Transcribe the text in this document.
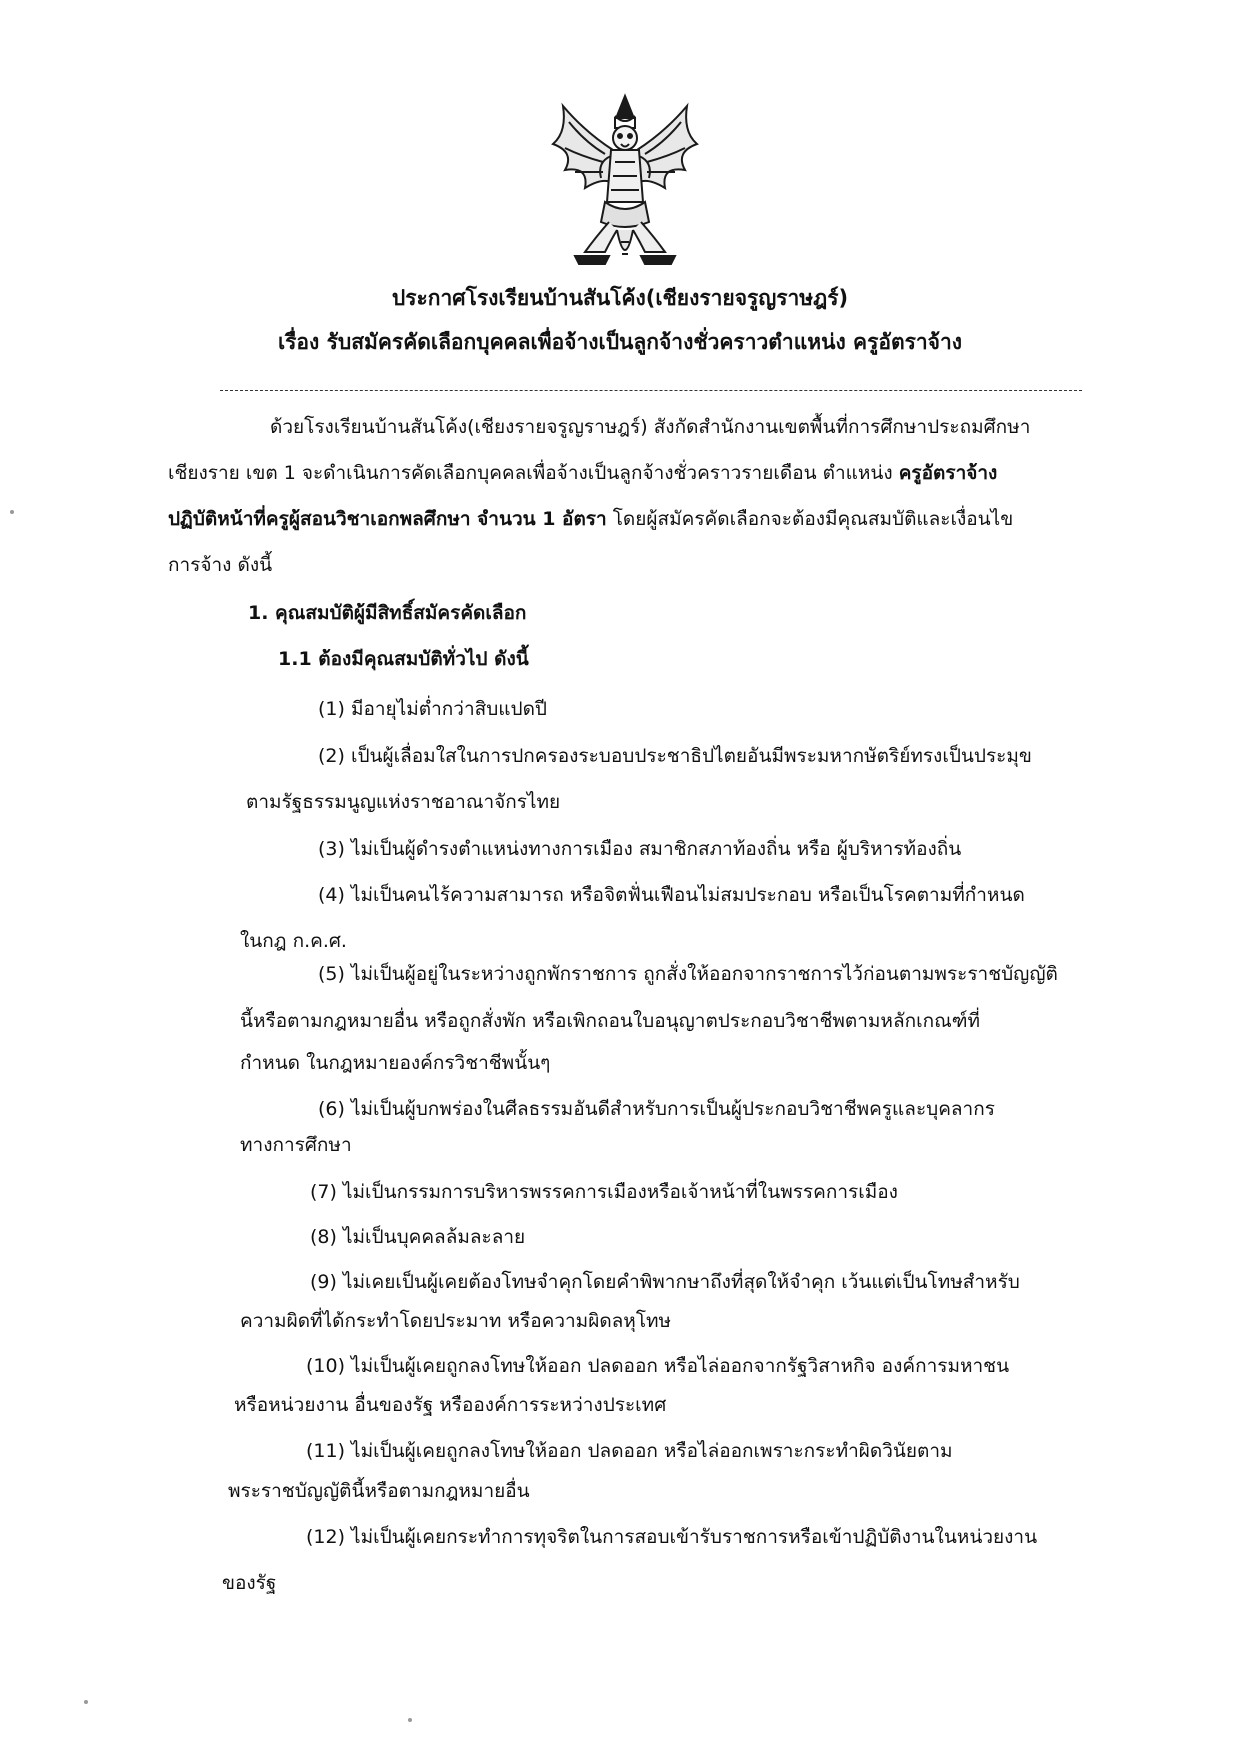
ประกาศโรงเรียนบ้านสันโค้ง(เชียงรายจรูญราษฎร์)
เรื่อง รับสมัครคัดเลือกบุคคลเพื่อจ้างเป็นลูกจ้างชั่วคราวตำแหน่ง ครูอัตราจ้าง
ด้วยโรงเรียนบ้านสันโค้ง(เชียงรายจรูญราษฎร์) สังกัดสำนักงานเขตพื้นที่การศึกษาประถมศึกษา
เชียงราย เขต 1 จะดำเนินการคัดเลือกบุคคลเพื่อจ้างเป็นลูกจ้างชั่วคราวรายเดือน ตำแหน่ง ครูอัตราจ้าง
ปฏิบัติหน้าที่ครูผู้สอนวิชาเอกพลศึกษา จำนวน 1 อัตรา โดยผู้สมัครคัดเลือกจะต้องมีคุณสมบัติและเงื่อนไข
การจ้าง ดังนี้
1. คุณสมบัติผู้มีสิทธิ์สมัครคัดเลือก
1.1 ต้องมีคุณสมบัติทั่วไป ดังนี้
(1) มีอายุไม่ต่ำกว่าสิบแปดปี
(2) เป็นผู้เลื่อมใสในการปกครองระบอบประชาธิปไตยอันมีพระมหากษัตริย์ทรงเป็นประมุข
ตามรัฐธรรมนูญแห่งราชอาณาจักรไทย
(3) ไม่เป็นผู้ดำรงตำแหน่งทางการเมือง สมาชิกสภาท้องถิ่น หรือ ผู้บริหารท้องถิ่น
(4) ไม่เป็นคนไร้ความสามารถ หรือจิตฟั่นเฟือนไม่สมประกอบ หรือเป็นโรคตามที่กำหนด
ในกฎ ก.ค.ศ.
(5) ไม่เป็นผู้อยู่ในระหว่างถูกพักราชการ ถูกสั่งให้ออกจากราชการไว้ก่อนตามพระราชบัญญัติ
นี้หรือตามกฎหมายอื่น หรือถูกสั่งพัก หรือเพิกถอนใบอนุญาตประกอบวิชาชีพตามหลักเกณฑ์ที่
กำหนด ในกฎหมายองค์กรวิชาชีพนั้นๆ
(6) ไม่เป็นผู้บกพร่องในศีลธรรมอันดีสำหรับการเป็นผู้ประกอบวิชาชีพครูและบุคลากร
ทางการศึกษา
(7) ไม่เป็นกรรมการบริหารพรรคการเมืองหรือเจ้าหน้าที่ในพรรคการเมือง
(8) ไม่เป็นบุคคลล้มละลาย
(9) ไม่เคยเป็นผู้เคยต้องโทษจำคุกโดยคำพิพากษาถึงที่สุดให้จำคุก เว้นแต่เป็นโทษสำหรับ
ความผิดที่ได้กระทำโดยประมาท หรือความผิดลหุโทษ
(10) ไม่เป็นผู้เคยถูกลงโทษให้ออก ปลดออก หรือไล่ออกจากรัฐวิสาหกิจ องค์การมหาชน
หรือหน่วยงาน อื่นของรัฐ หรือองค์การระหว่างประเทศ
(11) ไม่เป็นผู้เคยถูกลงโทษให้ออก ปลดออก หรือไล่ออกเพราะกระทำผิดวินัยตาม
พระราชบัญญัตินี้หรือตามกฎหมายอื่น
(12) ไม่เป็นผู้เคยกระทำการทุจริตในการสอบเข้ารับราชการหรือเข้าปฏิบัติงานในหน่วยงาน
ของรัฐ
